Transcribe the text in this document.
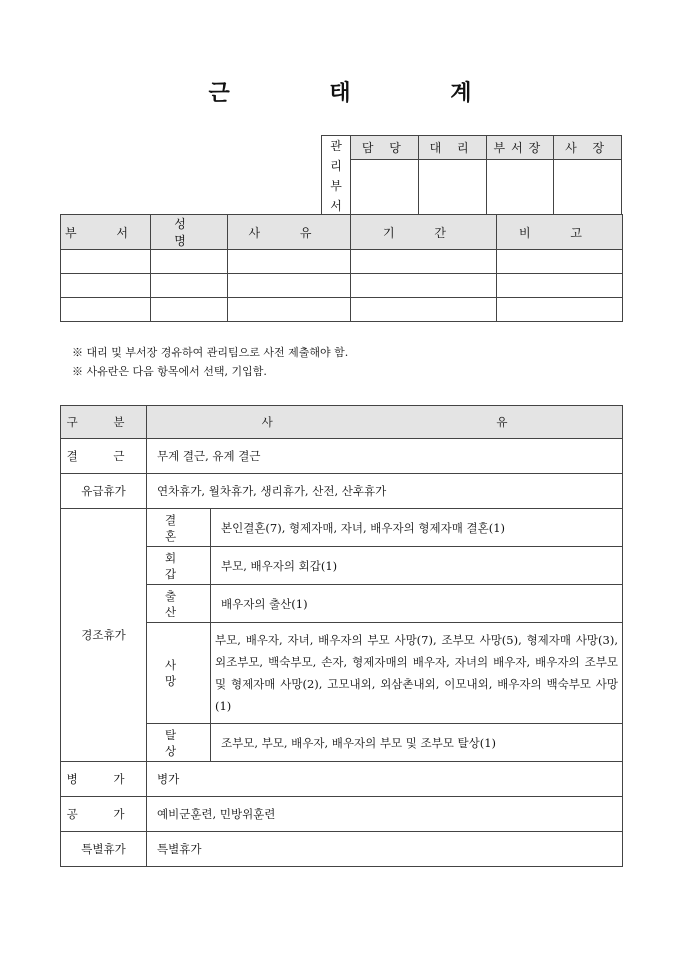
근 태 계
관
리
부
서	담 당	대 리	부서장	사 장

부 서	성 명	사 유	기 간	비 고

※ 대리 및 부서장 경유하여 관리팀으로 사전 제출해야 함.
※ 사유란은 다음 항목에서 선택, 기입함.
구 분	사 유	
결 근	무계 결근, 유계 결근	
유급휴가	연차휴가, 월차휴가, 생리휴가, 산전, 산후휴가	
경조휴가	결 혼	본인결혼(7), 형제자매, 자녀, 배우자의 형제자매 결혼(1)
	회 갑	부모, 배우자의 회갑(1)
	출 산	배우자의 출산(1)
	사 망	부모, 배우자, 자녀, 배우자의 부모 사망(7), 조부모 사망(5), 형제자매 사망(3), 외조부모, 백숙부모, 손자, 형제자매의 배우자, 자녀의 배우자, 배우자의 조부모 및 형제자매 사망(2), 고모내외, 외삼촌내외, 이모내외, 배우자의 백숙부모 사망(1)
	탈 상	조부모, 부모, 배우자, 배우자의 부모 및 조부모 탈상(1)
병 가	병가	
공 가	예비군훈련, 민방위훈련	
특별휴가	특별휴가	
